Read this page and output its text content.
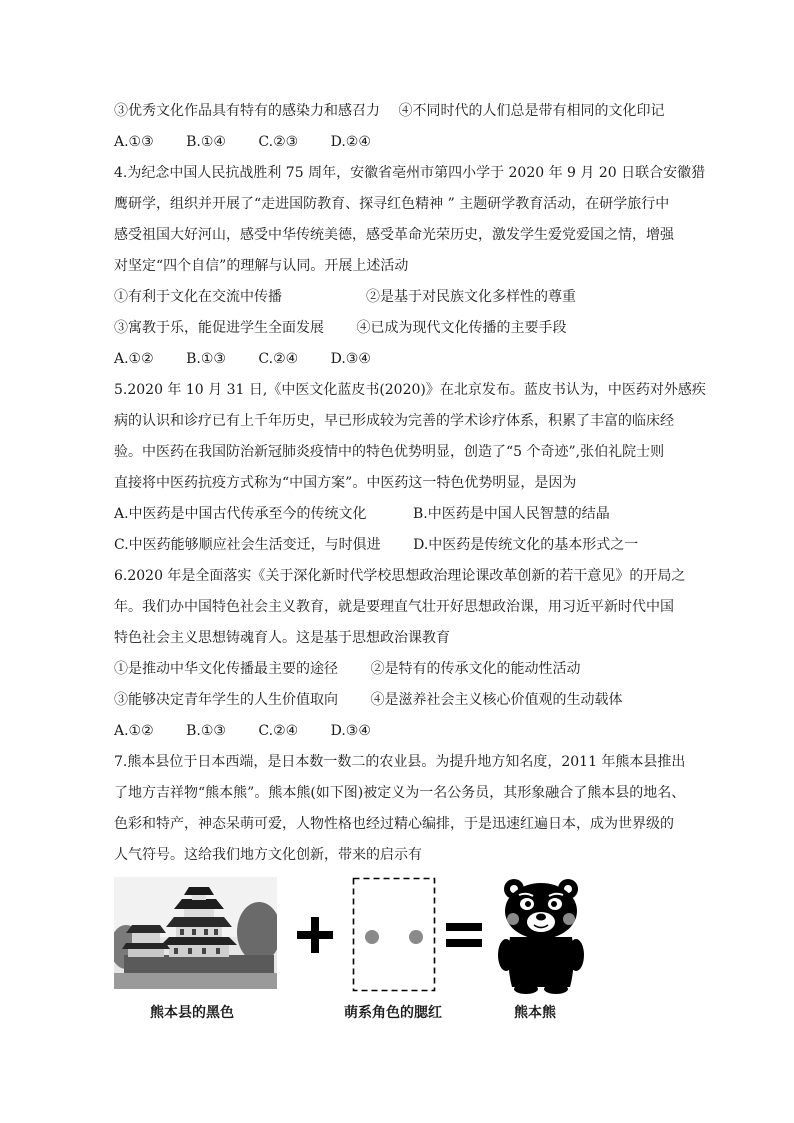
③优秀文化作品具有特有的感染力和感召力　 ④不同时代的人们总是带有相同的文化印记
A.①③　　 B.①④　　 C.②③　　 D.②④
4.为纪念中国人民抗战胜利 75 周年，安徽省亳州市第四小学于 2020 年 9 月 20 日联合安徽猎
鹰研学，组织并开展了“走进国防教育、探寻红色精神 ” 主题研学教育活动，在研学旅行中
感受祖国大好河山，感受中华传统美德，感受革命光荣历史，激发学生爱党爱国之情，增强
对坚定“四个自信”的理解与认同。开展上述活动
①有利于文化在交流中传播　　　　　　②是基于对民族文化多样性的尊重
③寓教于乐，能促进学生全面发展　　 ④已成为现代文化传播的主要手段
A.①②　　 B.①③　　 C.②④　　 D.③④
5.2020 年 10 月 31 日,《中医文化蓝皮书(2020)》在北京发布。蓝皮书认为，中医药对外感疾
病的认识和诊疗已有上千年历史，早已形成较为完善的学术诊疗体系，积累了丰富的临床经
验。中医药在我国防治新冠肺炎疫情中的特色优势明显，创造了“5 个奇迹”,张伯礼院士则
直接将中医药抗疫方式称为“中国方案”。中医药这一特色优势明显，是因为
A.中医药是中国古代传承至今的传统文化　　　 B.中医药是中国人民智慧的结晶
C.中医药能够顺应社会生活变迁，与时俱进　　 D.中医药是传统文化的基本形式之一
6.2020 年是全面落实《关于深化新时代学校思想政治理论课改革创新的若干意见》的开局之
年。我们办中国特色社会主义教育，就是要理直气壮开好思想政治课，用习近平新时代中国
特色社会主义思想铸魂育人。这是基于思想政治课教育
①是推动中华文化传播最主要的途径　　 ②是特有的传承文化的能动性活动
③能够决定青年学生的人生价值取向　　 ④是滋养社会主义核心价值观的生动载体
A.①②　　 B.①③　　 C.②④　　 D.③④
7.熊本县位于日本西端，是日本数一数二的农业县。为提升地方知名度，2011 年熊本县推出
了地方吉祥物“熊本熊”。熊本熊(如下图)被定义为一名公务员，其形象融合了熊本县的地名、
色彩和特产，神态呆萌可爱，人物性格也经过精心编排，于是迅速红遍日本，成为世界级的
人气符号。这给我们地方文化创新，带来的启示有
熊本县的黑色	萌系角色的腮红	熊本熊
